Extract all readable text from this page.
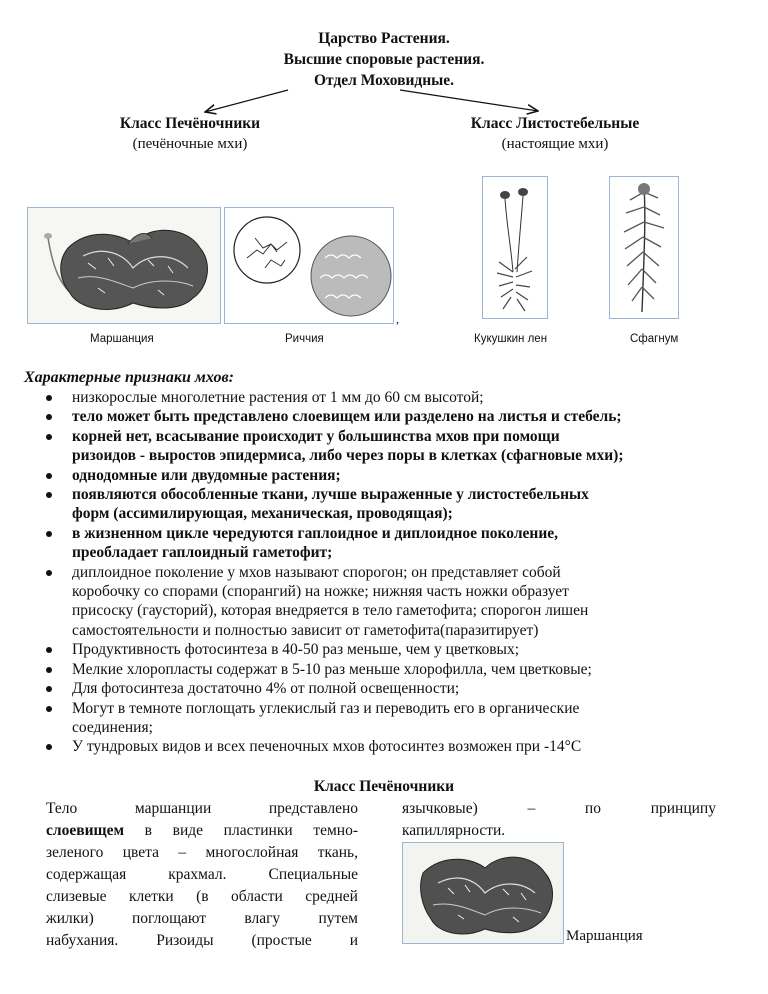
Царство Растения.
Высшие споровые растения.
Отдел Моховидные.
Класс Печёночники
(печёночные мхи)
Класс Листостебельные
(настоящие мхи)
Маршанция	Риччия
,
Кукушкин лен	Сфагнум
Характерные признаки мхов:
низкорослые многолетние растения от 1 мм до 60 см высотой;
тело может быть представлено слоевищем или разделено на листья и стебель;
корней нет, всасывание происходит у большинства мхов при помощи
ризоидов - выростов эпидермиса, либо через поры в клетках (сфагновые мхи);
однодомные или двудомные растения;
появляются обособленные ткани, лучше выраженные у листостебельных
форм (ассимилирующая, механическая, проводящая);
в жизненном цикле чередуются гаплоидное и диплоидное поколение,
преобладает гаплоидный гаметофит;
диплоидное поколение у мхов называют спорогон; он представляет собой
коробочку со спорами (спорангий) на ножке; нижняя часть ножки образует
присоску (гаусторий), которая внедряется в тело гаметофита; спорогон лишен
самостоятельности и полностью зависит от гаметофита(паразитирует)
Продуктивность фотосинтеза в 40-50 раз меньше, чем у цветковых;
Мелкие хлоропласты содержат в 5-10 раз меньше хлорофилла, чем цветковые;
Для фотосинтеза достаточно 4% от полной освещенности;
Могут в темноте поглощать углекислый газ и переводить его в органические
соединения;
У тундровых видов и всех печеночных мхов фотосинтез возможен при -14°С
Класс Печёночники
Тело	маршанции	представлено
слоевищем в виде пластинки темно-
зеленого цвета – многослойная ткань,
содержащая	крахмал.	Специальные
слизевые клетки (в области средней
жилки) поглощают влагу путем
набухания. Ризоиды (простые и
язычковые)	–	по	принципу
капиллярности.
Маршанция
